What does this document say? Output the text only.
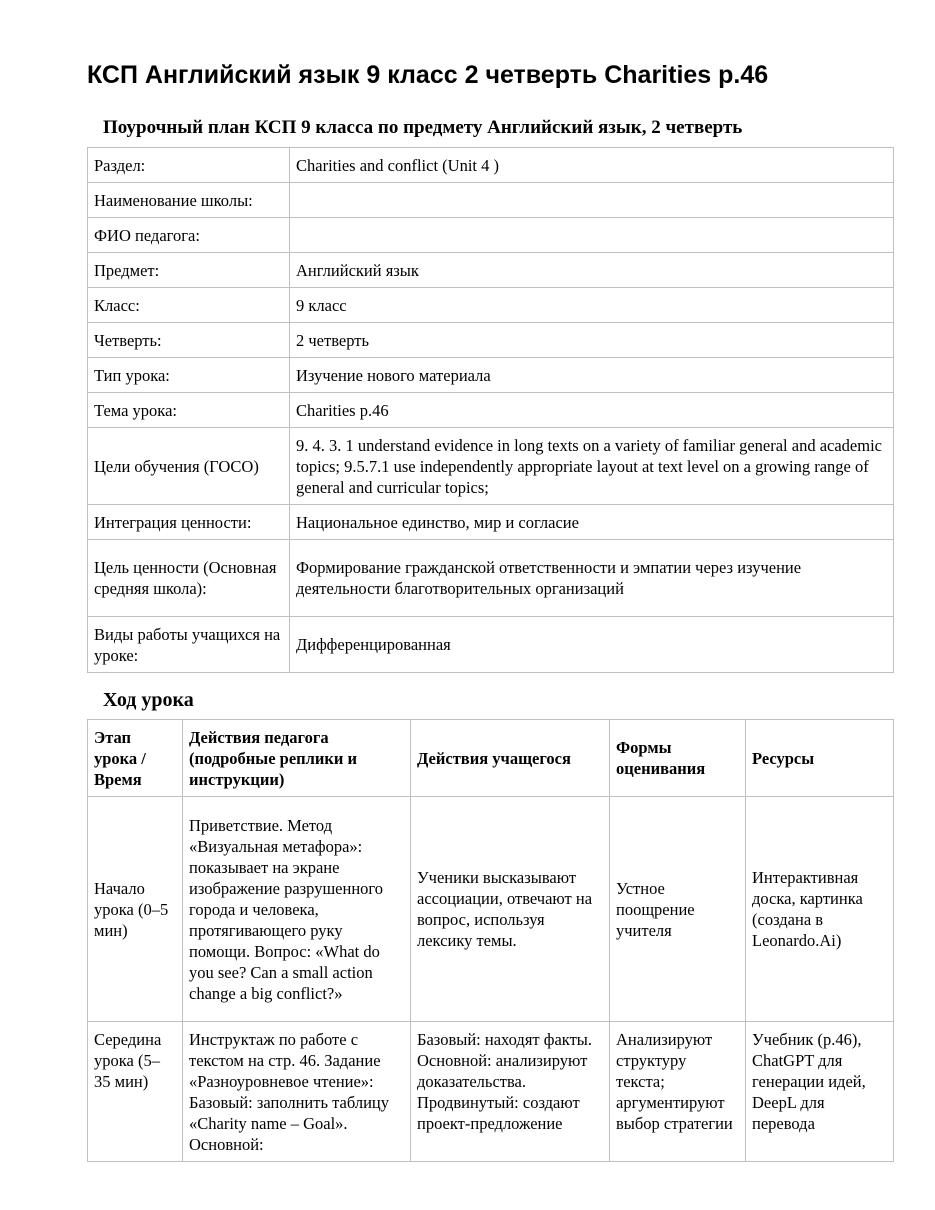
КСП Английский язык 9 класс 2 четверть Charities p.46
Поурочный план КСП 9 класса по предмету Английский язык, 2 четверть
Раздел:	Charities and conflict (Unit 4 )
Наименование школы:	
ФИО педагога:	
Предмет:	Английский язык
Класс:	9 класс
Четверть:	2 четверть
Тип урока:	Изучение нового материала
Тема урока:	Charities p.46
Цели обучения (ГОСО)	9. 4. 3. 1 understand evidence in long texts on a variety of familiar general and academic topics; 9.5.7.1 use independently appropriate layout at text level on a growing range of general and curricular topics;
Интеграция ценности:	Национальное единство, мир и согласие
Цель ценности (Основная средняя школа):	Формирование гражданской ответственности и эмпатии через изучение деятельности благотворительных организаций
Виды работы учащихся на уроке:	Дифференцированная
Ход урока
Этап урока / Время	Действия педагога (подробные реплики и инструкции)	Действия учащегося	Формы оценивания	Ресурсы
Начало урока (0–5 мин)	Приветствие. Метод «Визуальная метафора»: показывает на экране изображение разрушенного города и человека, протягивающего руку помощи. Вопрос: «What do you see? Can a small action change a big conflict?»	Ученики высказывают ассоциации, отвечают на вопрос, используя лексику темы.	Устное поощрение учителя	Интерактивная доска, картинка (создана в Leonardo.Ai)
Середина урока (5–35 мин)	Инструктаж по работе с текстом на стр. 46. Задание «Разноуровневое чтение»: Базовый: заполнить таблицу «Charity name – Goal». Основной:	Базовый: находят факты. Основной: анализируют доказательства. Продвинутый: создают проект-предложение	Анализируют структуру текста; аргументируют выбор стратегии	Учебник (p.46), ChatGPT для генерации идей, DeepL для перевода
